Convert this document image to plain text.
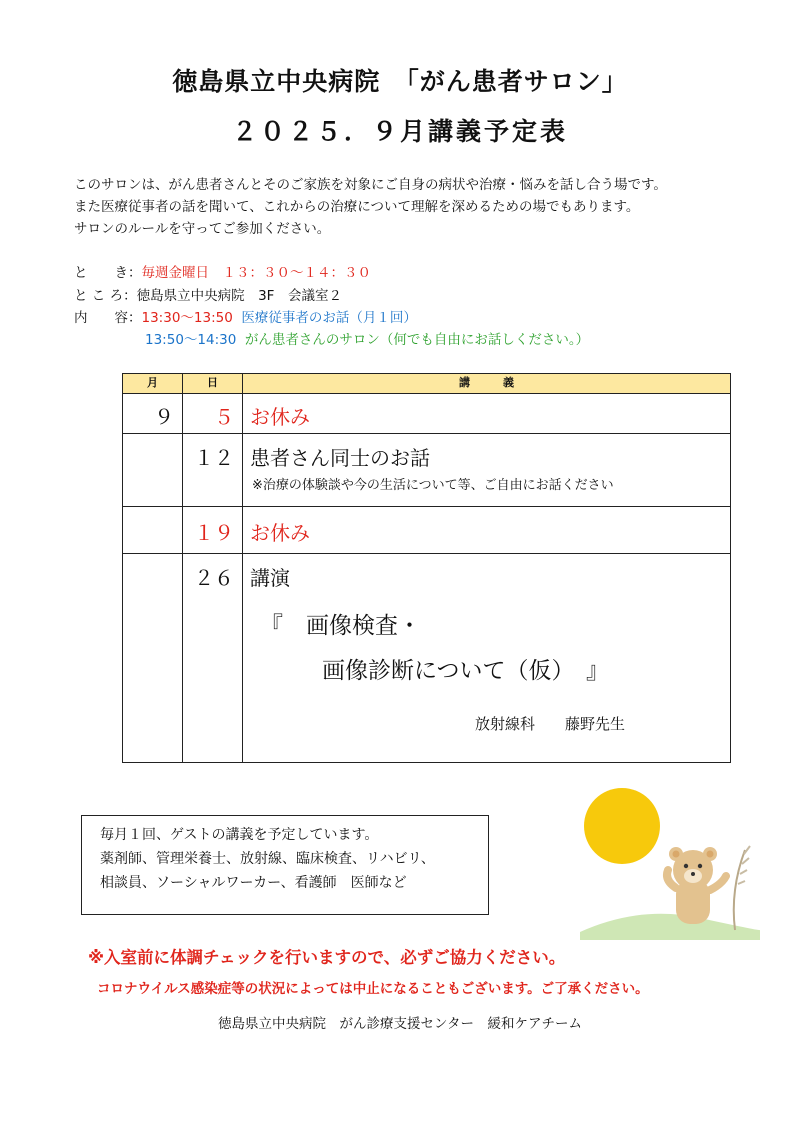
徳島県立中央病院　「がん患者サロン」
２０２５．９月講義予定表
このサロンは、がん患者さんとそのご家族を対象にご自身の病状や治療・悩みを話し合う場です。
また医療従事者の話を聞いて、これからの治療について理解を深めるための場でもあります。
サロンのルールを守ってご参加ください。
と　　き：毎週金曜日　１３：３０～１４：３０
と こ ろ：徳島県立中央病院　3F　会議室２
内　　容：13:30～13:50 医療従事者のお話（月１回）
13:50～14:30 がん患者さんのサロン（何でも自由にお話しください。）
月	日	講　　　義
９	５	お休み
	１２	患者さん同士のお話
※治療の体験談や今の生活について等、ご自由にお話ください

	１９	お休み
	２６	講演
『　画像検査・
画像診断について（仮）　』
放射線科　　藤野先生
毎月１回、ゲストの講義を予定しています。
薬剤師、管理栄養士、放射線、臨床検査、リハビリ、
相談員、ソーシャルワーカー、看護師　医師など
※入室前に体調チェックを行いますので、必ずご協力ください。
コロナウイルス感染症等の状況によっては中止になることもございます。ご了承ください。
徳島県立中央病院　がん診療支援センター　緩和ケアチーム
